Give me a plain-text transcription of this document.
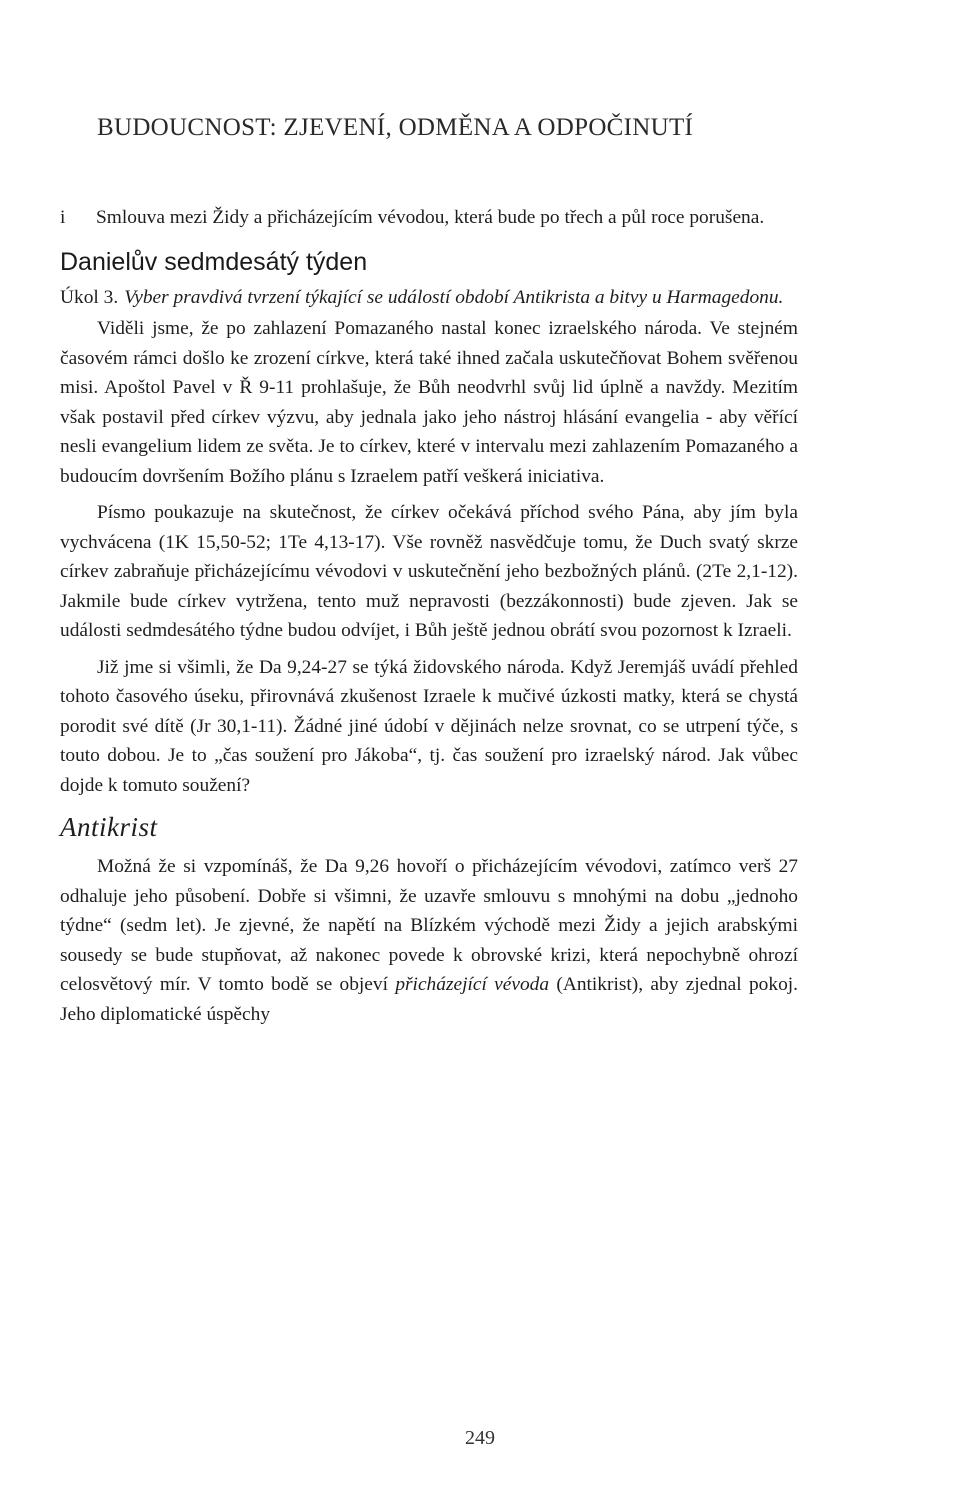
BUDOUCNOST: ZJEVENÍ, ODMĚNA A ODPOČINUTÍ
i	Smlouva mezi Židy a přicházejícím vévodou, která bude po třech a půl roce porušena.
Danielův sedmdesátý týden
Úkol 3. Vyber pravdivá tvrzení týkající se událostí období Antikrista a bitvy u Harmagedonu.

Viděli jsme, že po zahlazení Pomazaného nastal konec izraelského národa. Ve stejném časovém rámci došlo ke zrození církve, která také ihned začala uskutečňovat Bohem svěřenou misi. Apoštol Pavel v Ř 9-11 prohlašuje, že Bůh neodvrhl svůj lid úplně a navždy. Mezitím však postavil před církev výzvu, aby jednala jako jeho nástroj hlásání evangelia - aby věřící nesli evangelium lidem ze světa. Je to církev, které v intervalu mezi zahlazením Pomazaného a budoucím dovršením Božího plánu s Izraelem patří veškerá iniciativa.

Písmo poukazuje na skutečnost, že církev očekává příchod svého Pána, aby jím byla vychvácena (1K 15,50-52; 1Te 4,13-17). Vše rovněž nasvědčuje tomu, že Duch svatý skrze církev zabraňuje přicházejícímu vévodovi v uskutečnění jeho bezbožných plánů. (2Te 2,1-12). Jakmile bude církev vytržena, tento muž nepravosti (bezzákonnosti) bude zjeven. Jak se události sedmdesátého týdne budou odvíjet, i Bůh ještě jednou obrátí svou pozornost k Izraeli.

Již jme si všimli, že Da 9,24-27 se týká židovského národa. Když Jeremjáš uvádí přehled tohoto časového úseku, přirovnává zkušenost Izraele k mučivé úzkosti matky, která se chystá porodit své dítě (Jr 30,1-11). Žádné jiné údobí v dějinách nelze srovnat, co se utrpení týče, s touto dobou. Je to „čas soužení pro Jákoba“, tj. čas soužení pro izraelský národ. Jak vůbec dojde k tomuto soužení?

Antikrist

Možná že si vzpomínáš, že Da 9,26 hovoří o přicházejícím vévodovi, zatímco verš 27 odhaluje jeho působení. Dobře si všimni, že uzavře smlouvu s mnohými na dobu „jednoho týdne“ (sedm let). Je zjevné, že napětí na Blízkém východě mezi Židy a jejich arabskými sousedy se bude stupňovat, až nakonec povede k obrovské krizi, která nepochybně ohrozí celosvětový mír. V tomto bodě se objeví přicházející vévoda (Antikrist), aby zjednal pokoj. Jeho diplomatické úspěchy

249
